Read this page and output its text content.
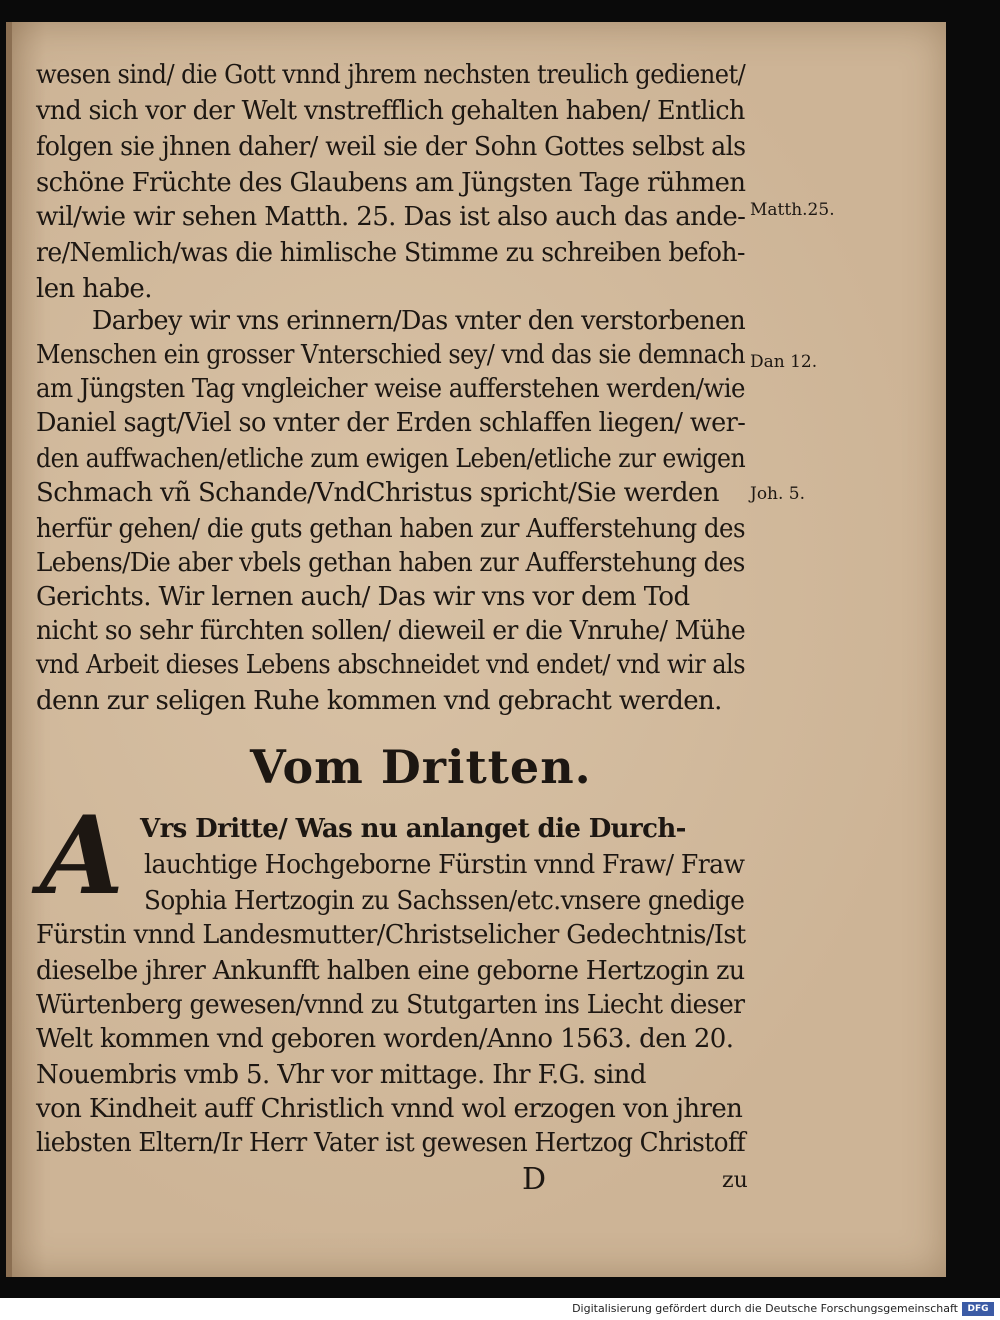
wesen sind/ die Gott vnnd jhrem nechsten treulich gedienet/
vnd sich vor der Welt vnstrefflich gehalten haben/ Entlich
folgen sie jhnen daher/ weil sie der Sohn Gottes selbst als
schöne Früchte des Glaubens am Jüngsten Tage rühmen
wil/wie wir sehen Matth. 25. Das ist also auch das ande-
re/Nemlich/was die himlische Stimme zu schreiben befoh-
len habe.
Darbey wir vns erinnern/Das vnter den verstorbenen
Menschen ein grosser Vnterschied sey/ vnd das sie demnach
am Jüngsten Tag vngleicher weise aufferstehen werden/wie
Daniel sagt/Viel so vnter der Erden schlaffen liegen/ wer-
den auffwachen/etliche zum ewigen Leben/etliche zur ewigen
Schmach vñ Schande/VndChristus spricht/Sie werden
herfür gehen/ die guts gethan haben zur Aufferstehung des
Lebens/Die aber vbels gethan haben zur Aufferstehung des
Gerichts. Wir lernen auch/ Das wir vns vor dem Tod
nicht so sehr fürchten sollen/ dieweil er die Vnruhe/ Mühe
vnd Arbeit dieses Lebens abschneidet vnd endet/ vnd wir als
denn zur seligen Ruhe kommen vnd gebracht werden.
Matth.25.
Dan 12.
Joh. 5.
Vom Dritten.
A Vrs Dritte/ Was nu anlanget die Durch-
lauchtige Hochgeborne Fürstin vnnd Fraw/ Fraw
Sophia Hertzogin zu Sachssen/etc.vnsere gnedige
Fürstin vnnd Landesmutter/Christselicher Gedechtnis/Ist
dieselbe jhrer Ankunfft halben eine geborne Hertzogin zu
Würtenberg gewesen/vnnd zu Stutgarten ins Liecht dieser
Welt kommen vnd geboren worden/Anno 1563. den 20.
Nouembris vmb 5. Vhr vor mittage. Ihr F.G. sind
von Kindheit auff Christlich vnnd wol erzogen von jhren
liebsten Eltern/Ir Herr Vater ist gewesen Hertzog Christoff
D	zu
Digitalisierung gefördert durch die Deutsche Forschungsgemeinschaft	DFG
